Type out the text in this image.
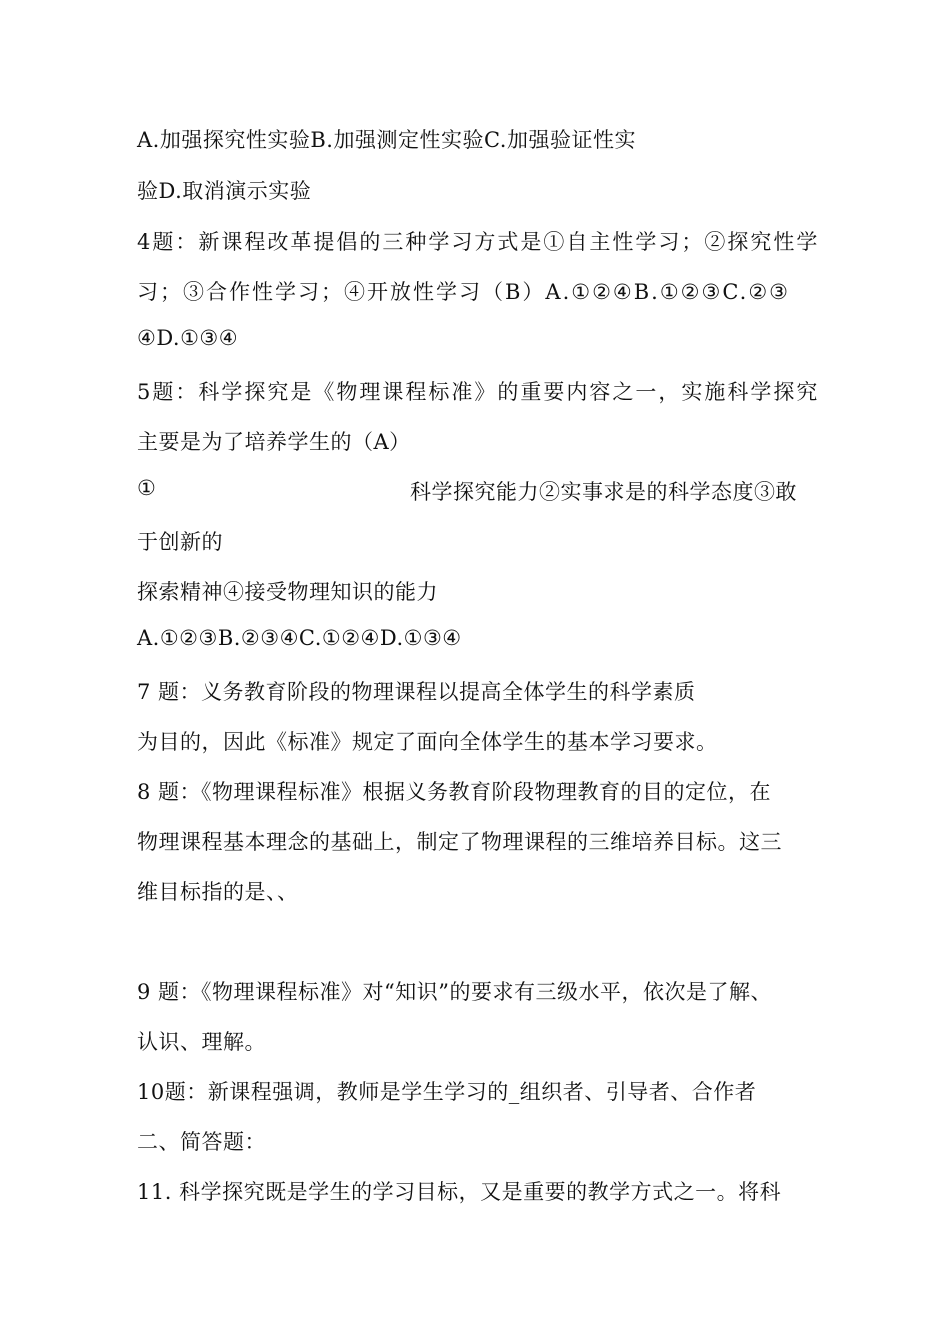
A.加强探究性实验B.加强测定性实验C.加强验证性实
验D.取消演示实验
4题：新课程改革提倡的三种学习方式是①自主性学习；②探究性学
习；③合作性学习；④开放性学习（B）A.①②④B.①②③C.②③
④D.①③④
5题：科学探究是《物理课程标准》的重要内容之一，实施科学探究
主要是为了培养学生的（A）
①	科学探究能力②实事求是的科学态度③敢
于创新的
探索精神④接受物理知识的能力
A.①②③B.②③④C.①②④D.①③④
7 题：义务教育阶段的物理课程以提高全体学生的科学素质
为目的，因此《标准》规定了面向全体学生的基本学习要求。
8 题：《物理课程标准》根据义务教育阶段物理教育的目的定位，在
物理课程基本理念的基础上，制定了物理课程的三维培养目标。这三
维目标指的是、、
9 题：《物理课程标准》对“知识”的要求有三级水平，依次是了解、
认识、理解。
10题：新课程强调，教师是学生学习的_组织者、引导者、合作者
二、简答题：
11. 科学探究既是学生的学习目标，又是重要的教学方式之一。将科
